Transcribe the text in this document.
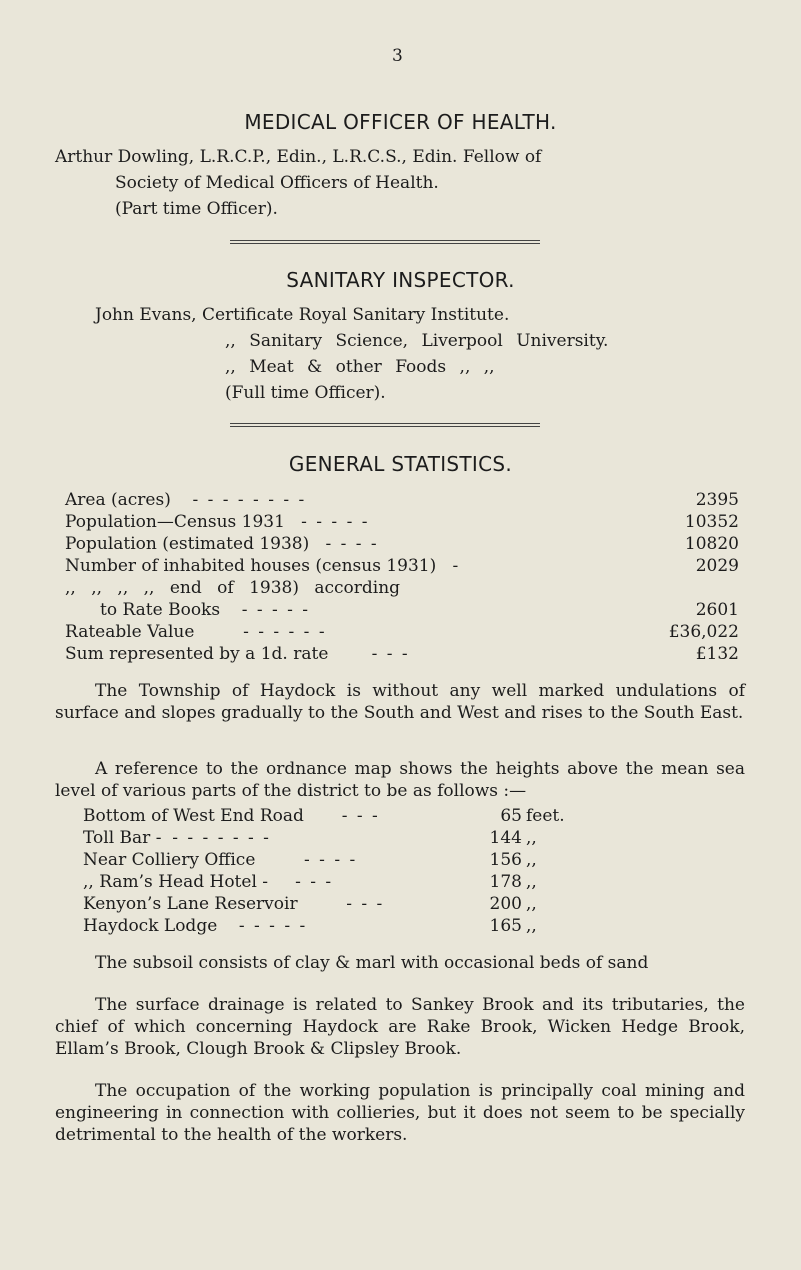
3
MEDICAL OFFICER OF HEALTH.
Arthur Dowling, L.R.C.P., Edin., L.R.C.S., Edin. Fellow of
Society of Medical Officers of Health.
(Part time Officer).
SANITARY INSPECTOR.
John Evans, Certificate Royal Sanitary Institute.
,, Sanitary Science, Liverpool University.
,, Meat & other Foods ,, ,,
(Full time Officer).
GENERAL STATISTICS.
Area (acres) - - - - - - - -	2395
Population—Census 1931 - - - - -	10352
Population (estimated 1938) - - - -	10820
Number of inhabited houses (census 1931) -	2029
,, ,, ,, ,, end of 1938) according
to Rate Books - - - - -	2601
Rateable Value	- - - - - -	£36,022
Sum represented by a 1d. rate	- - -	£132
The Township of Haydock is without any well marked undulations of surface and slopes gradually to the South and West and rises to the South East.
A reference to the ordnance map shows the heights above the mean sea level of various parts of the district to be as follows :—
Bottom of West End Road - - -	65 feet.
Toll Bar - - - - - - - -	144 ,,
Near Colliery Office	- - - -	156 ,,
,, Ram’s Head Hotel - - - -	178 ,,
Kenyon’s Lane Reservoir	- - -	200 ,,
Haydock Lodge - - - - -	165 ,,
The subsoil consists of clay & marl with occasional beds of sand
The surface drainage is related to Sankey Brook and its tributaries, the chief of which concerning Haydock are Rake Brook, Wicken Hedge Brook, Ellam’s Brook, Clough Brook & Clipsley Brook.
The occupation of the working population is principally coal mining and engineering in connection with collieries, but it does not seem to be specially detrimental to the health of the workers.
